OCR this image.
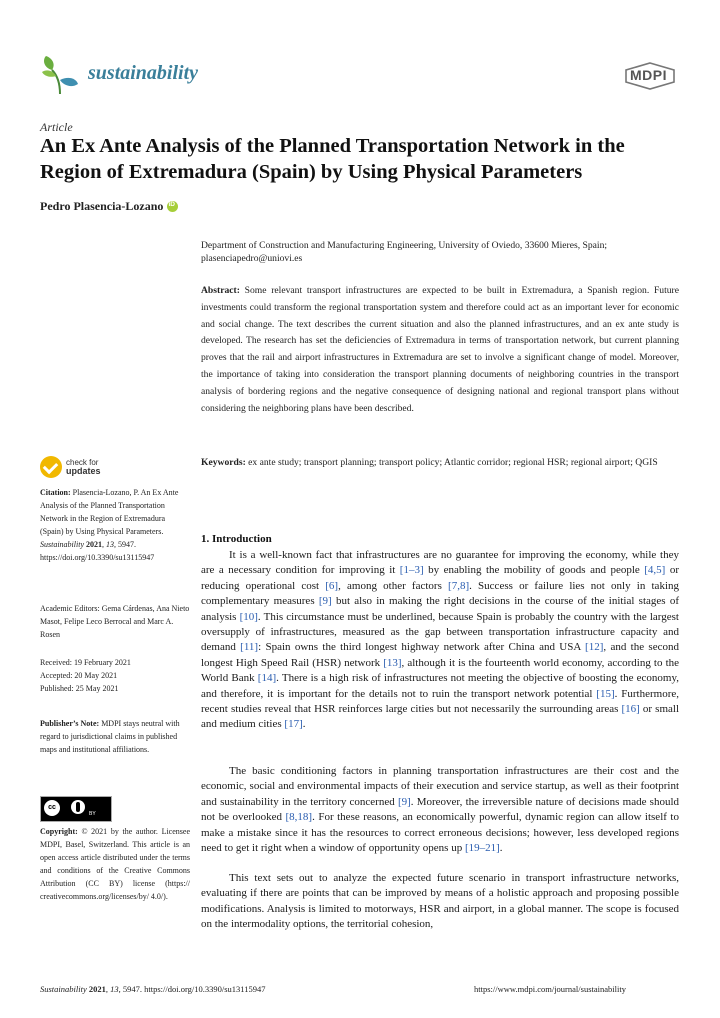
sustainability	MDPI
Article
An Ex Ante Analysis of the Planned Transportation Network in the Region of Extremadura (Spain) by Using Physical Parameters
Pedro Plasencia-Lozano
iD
Department of Construction and Manufacturing Engineering, University of Oviedo, 33600 Mieres, Spain; plasenciapedro@uniovi.es
Abstract: Some relevant transport infrastructures are expected to be built in Extremadura, a Spanish region. Future investments could transform the regional transportation system and therefore could act as an important lever for economic and social change. The text describes the current situation and also the planned infrastructures, and an ex ante study is developed. The research has set the deficiencies of Extremadura in terms of transportation network, but current planning proves that the rail and airport infrastructures in Extremadura are set to involve a significant change of model. Moreover, the importance of taking into consideration the transport planning documents of neighboring countries in the transport analysis of bordering regions and the negative consequence of designing national and regional transport plans without considering the neighboring plans have been described.
Keywords: ex ante study; transport planning; transport policy; Atlantic corridor; regional HSR; regional airport; QGIS
check for
updates
Citation: Plasencia-Lozano, P. An Ex Ante Analysis of the Planned Transportation Network in the Region of Extremadura (Spain) by Using Physical Parameters. Sustainability 2021, 13, 5947. https://doi.org/10.3390/su13115947
Academic Editors: Gema Cárdenas, Ana Nieto Masot, Felipe Leco Berrocal and Marc A. Rosen
Received: 19 February 2021
Accepted: 20 May 2021
Published: 25 May 2021
Publisher’s Note: MDPI stays neutral with regard to jurisdictional claims in published maps and institutional affiliations.
cc
BY
Copyright: © 2021 by the author. Licensee MDPI, Basel, Switzerland. This article is an open access article distributed under the terms and conditions of the Creative Commons Attribution (CC BY) license (https:// creativecommons.org/licenses/by/ 4.0/).
1. Introduction

It is a well-known fact that infrastructures are no guarantee for improving the economy, while they are a necessary condition for improving it [1–3] by enabling the mobility of goods and people [4,5] or reducing operational cost [6], among other factors [7,8]. Success or failure lies not only in taking complementary measures [9] but also in making the right decisions in the course of the initial stages of analysis [10]. This circumstance must be underlined, because Spain is probably the country with the largest oversupply of infrastructures, measured as the gap between transportation infrastructure capacity and demand [11]: Spain owns the third longest highway network after China and USA [12], and the second longest High Speed Rail (HSR) network [13], although it is the fourteenth world economy, according to the World Bank [14]. There is a high risk of infrastructures not meeting the objective of boosting the economy, and therefore, it is important for the details not to ruin the transport network potential [15]. Furthermore, recent studies reveal that HSR reinforces large cities but not necessarily the surrounding areas [16] or small and medium cities [17].

The basic conditioning factors in planning transportation infrastructures are their cost and the economic, social and environmental impacts of their execution and service startup, as well as their footprint and sustainability in the territory concerned [9]. Moreover, the irreversible nature of decisions made should not be overlooked [8,18]. For these reasons, an economically powerful, dynamic region can allow itself to make a mistake since it has the resources to correct erroneous decisions; however, less developed regions need to get it right when a window of opportunity opens up [19–21].

This text sets out to analyze the expected future scenario in transport infrastructure networks, evaluating if there are points that can be improved by means of a holistic approach and proposing possible modifications. Analysis is limited to motorways, HSR and airport, in a global manner. The scope is focused on the intermodality options, the territorial cohesion,

Sustainability 2021, 13, 5947. https://doi.org/10.3390/su13115947	https://www.mdpi.com/journal/sustainability
